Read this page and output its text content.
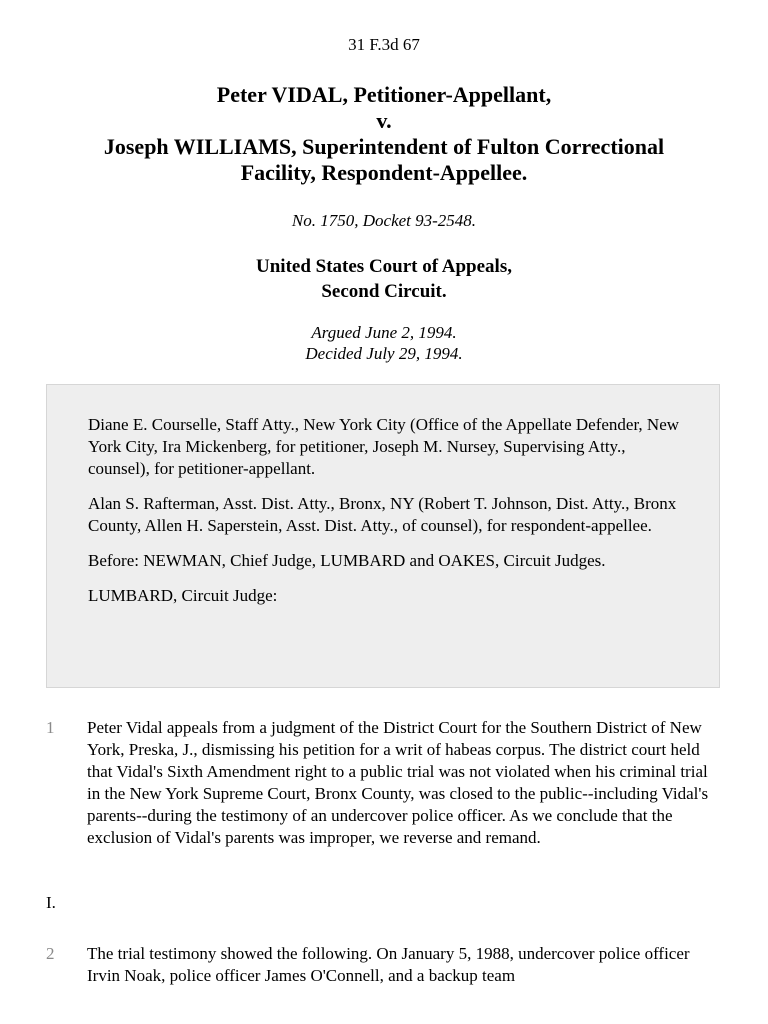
31 F.3d 67
Peter VIDAL, Petitioner-Appellant,
v.
Joseph WILLIAMS, Superintendent of Fulton Correctional
Facility, Respondent-Appellee.
No. 1750, Docket 93-2548.
United States Court of Appeals,
Second Circuit.
Argued June 2, 1994.
Decided July 29, 1994.

Diane E. Courselle, Staff Atty., New York City (Office of the Appellate Defender, New York City, Ira Mickenberg, for petitioner, Joseph M. Nursey, Supervising Atty., counsel), for petitioner-appellant.

Alan S. Rafterman, Asst. Dist. Atty., Bronx, NY (Robert T. Johnson, Dist. Atty., Bronx County, Allen H. Saperstein, Asst. Dist. Atty., of counsel), for respondent-appellee.

Before: NEWMAN, Chief Judge, LUMBARD and OAKES, Circuit Judges.

LUMBARD, Circuit Judge:

1 Peter Vidal appeals from a judgment of the District Court for the Southern District of New York, Preska, J., dismissing his petition for a writ of habeas corpus. The district court held that Vidal's Sixth Amendment right to a public trial was not violated when his criminal trial in the New York Supreme Court, Bronx County, was closed to the public--including Vidal's parents--during the testimony of an undercover police officer. As we conclude that the exclusion of Vidal's parents was improper, we reverse and remand.
I.
2 The trial testimony showed the following. On January 5, 1988, undercover police officer Irvin Noak, police officer James O'Connell, and a backup team
